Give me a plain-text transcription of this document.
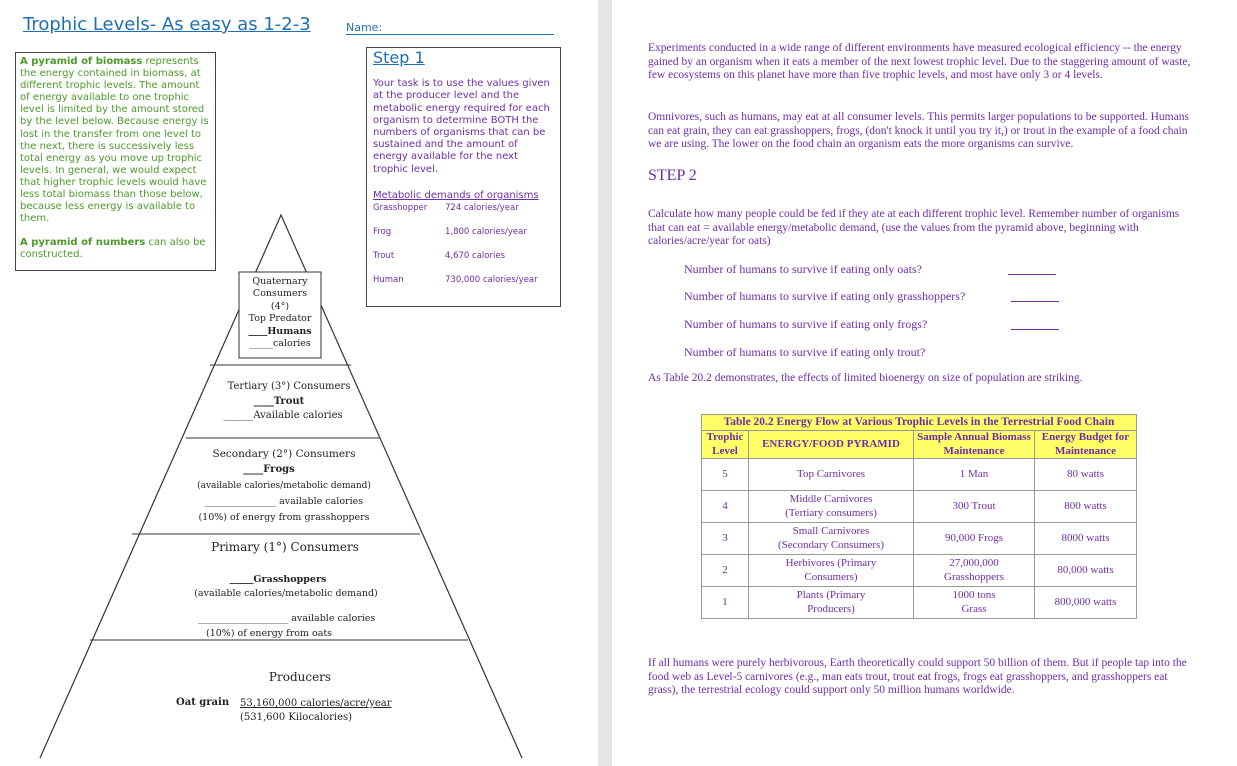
Trophic Levels- As easy as 1-2-3	Name:
A pyramid of biomass represents the energy contained in biomass, at different trophic levels. The amount of energy available to one trophic level is limited by the amount stored by the level below. Because energy is lost in the transfer from one level to the next, there is successively less total energy as you move up trophic levels. In general, we would expect that higher trophic levels would have less total biomass than those below, because less energy is available to them.
A pyramid of numbers can also be constructed.
Step 1
Your task is to use the values given at the producer level and the metabolic energy required for each organism to determine BOTH the numbers of organisms that can be sustained and the amount of energy available for the next trophic level.
Metabolic demands of organisms
Grasshopper	724 calories/year
Frog	1,800 calories/year
Trout	4,670 calories
Human	730,000 calories/year
Quaternary
Consumers
(4°)
Top Predator
____Humans
_____calories
Tertiary (3°) Consumers
____Trout
______Available calories
Secondary (2°) Consumers
____Frogs
(available calories/metabolic demand)
_______________ available calories
(10%) of energy from grasshoppers
Primary (1°) Consumers
_____Grasshoppers
(available calories/metabolic demand)
___________________ available calories
(10%) of energy from oats
Producers
Oat grain 53,160,000 calories/acre/year
(531,600 Kilocalories)
Experiments conducted in a wide range of different environments have measured ecological efficiency -- the energy gained by an organism when it eats a member of the next lowest trophic level. Due to the staggering amount of waste, few ecosystems on this planet have more than five trophic levels, and most have only 3 or 4 levels.
Omnivores, such as humans, may eat at all consumer levels. This permits larger populations to be supported. Humans can eat grain, they can eat grasshoppers, frogs, (don't knock it until you try it,) or trout in the example of a food chain we are using. The lower on the food chain an organism eats the more organisms can survive.
STEP 2
Calculate how many people could be fed if they ate at each different trophic level. Remember number of organisms that can eat = available energy/metabolic demand, (use the values from the pyramid above, beginning with calories/acre/year for oats)
Number of humans to survive if eating only oats?
Number of humans to survive if eating only grasshoppers?
Number of humans to survive if eating only frogs?
Number of humans to survive if eating only trout?
As Table 20.2 demonstrates, the effects of limited bioenergy on size of population are striking.
Table 20.2 Energy Flow at Various Trophic Levels in the Terrestrial Food Chain			
Trophic Level	ENERGY/FOOD PYRAMID	Sample Annual Biomass Maintenance	Energy Budget for Maintenance
5	Top Carnivores	1 Man	80 watts
4	Middle Carnivores (Tertiary consumers)	300 Trout	800 watts
3	Small Carnivores (Secondary Consumers)	90,000 Frogs	8000 watts
2	Herbivores (Primary Consumers)	27,000,000 Grasshoppers	80,000 watts
1	Plants (Primary Producers)	1000 tons Grass	800,000 watts
If all humans were purely herbivorous, Earth theoretically could support 50 billion of them. But if people tap into the food web as Level-5 carnivores (e.g., man eats trout, trout eat frogs, frogs eat grasshoppers, and grasshoppers eat grass), the terrestrial ecology could support only 50 million humans worldwide.
